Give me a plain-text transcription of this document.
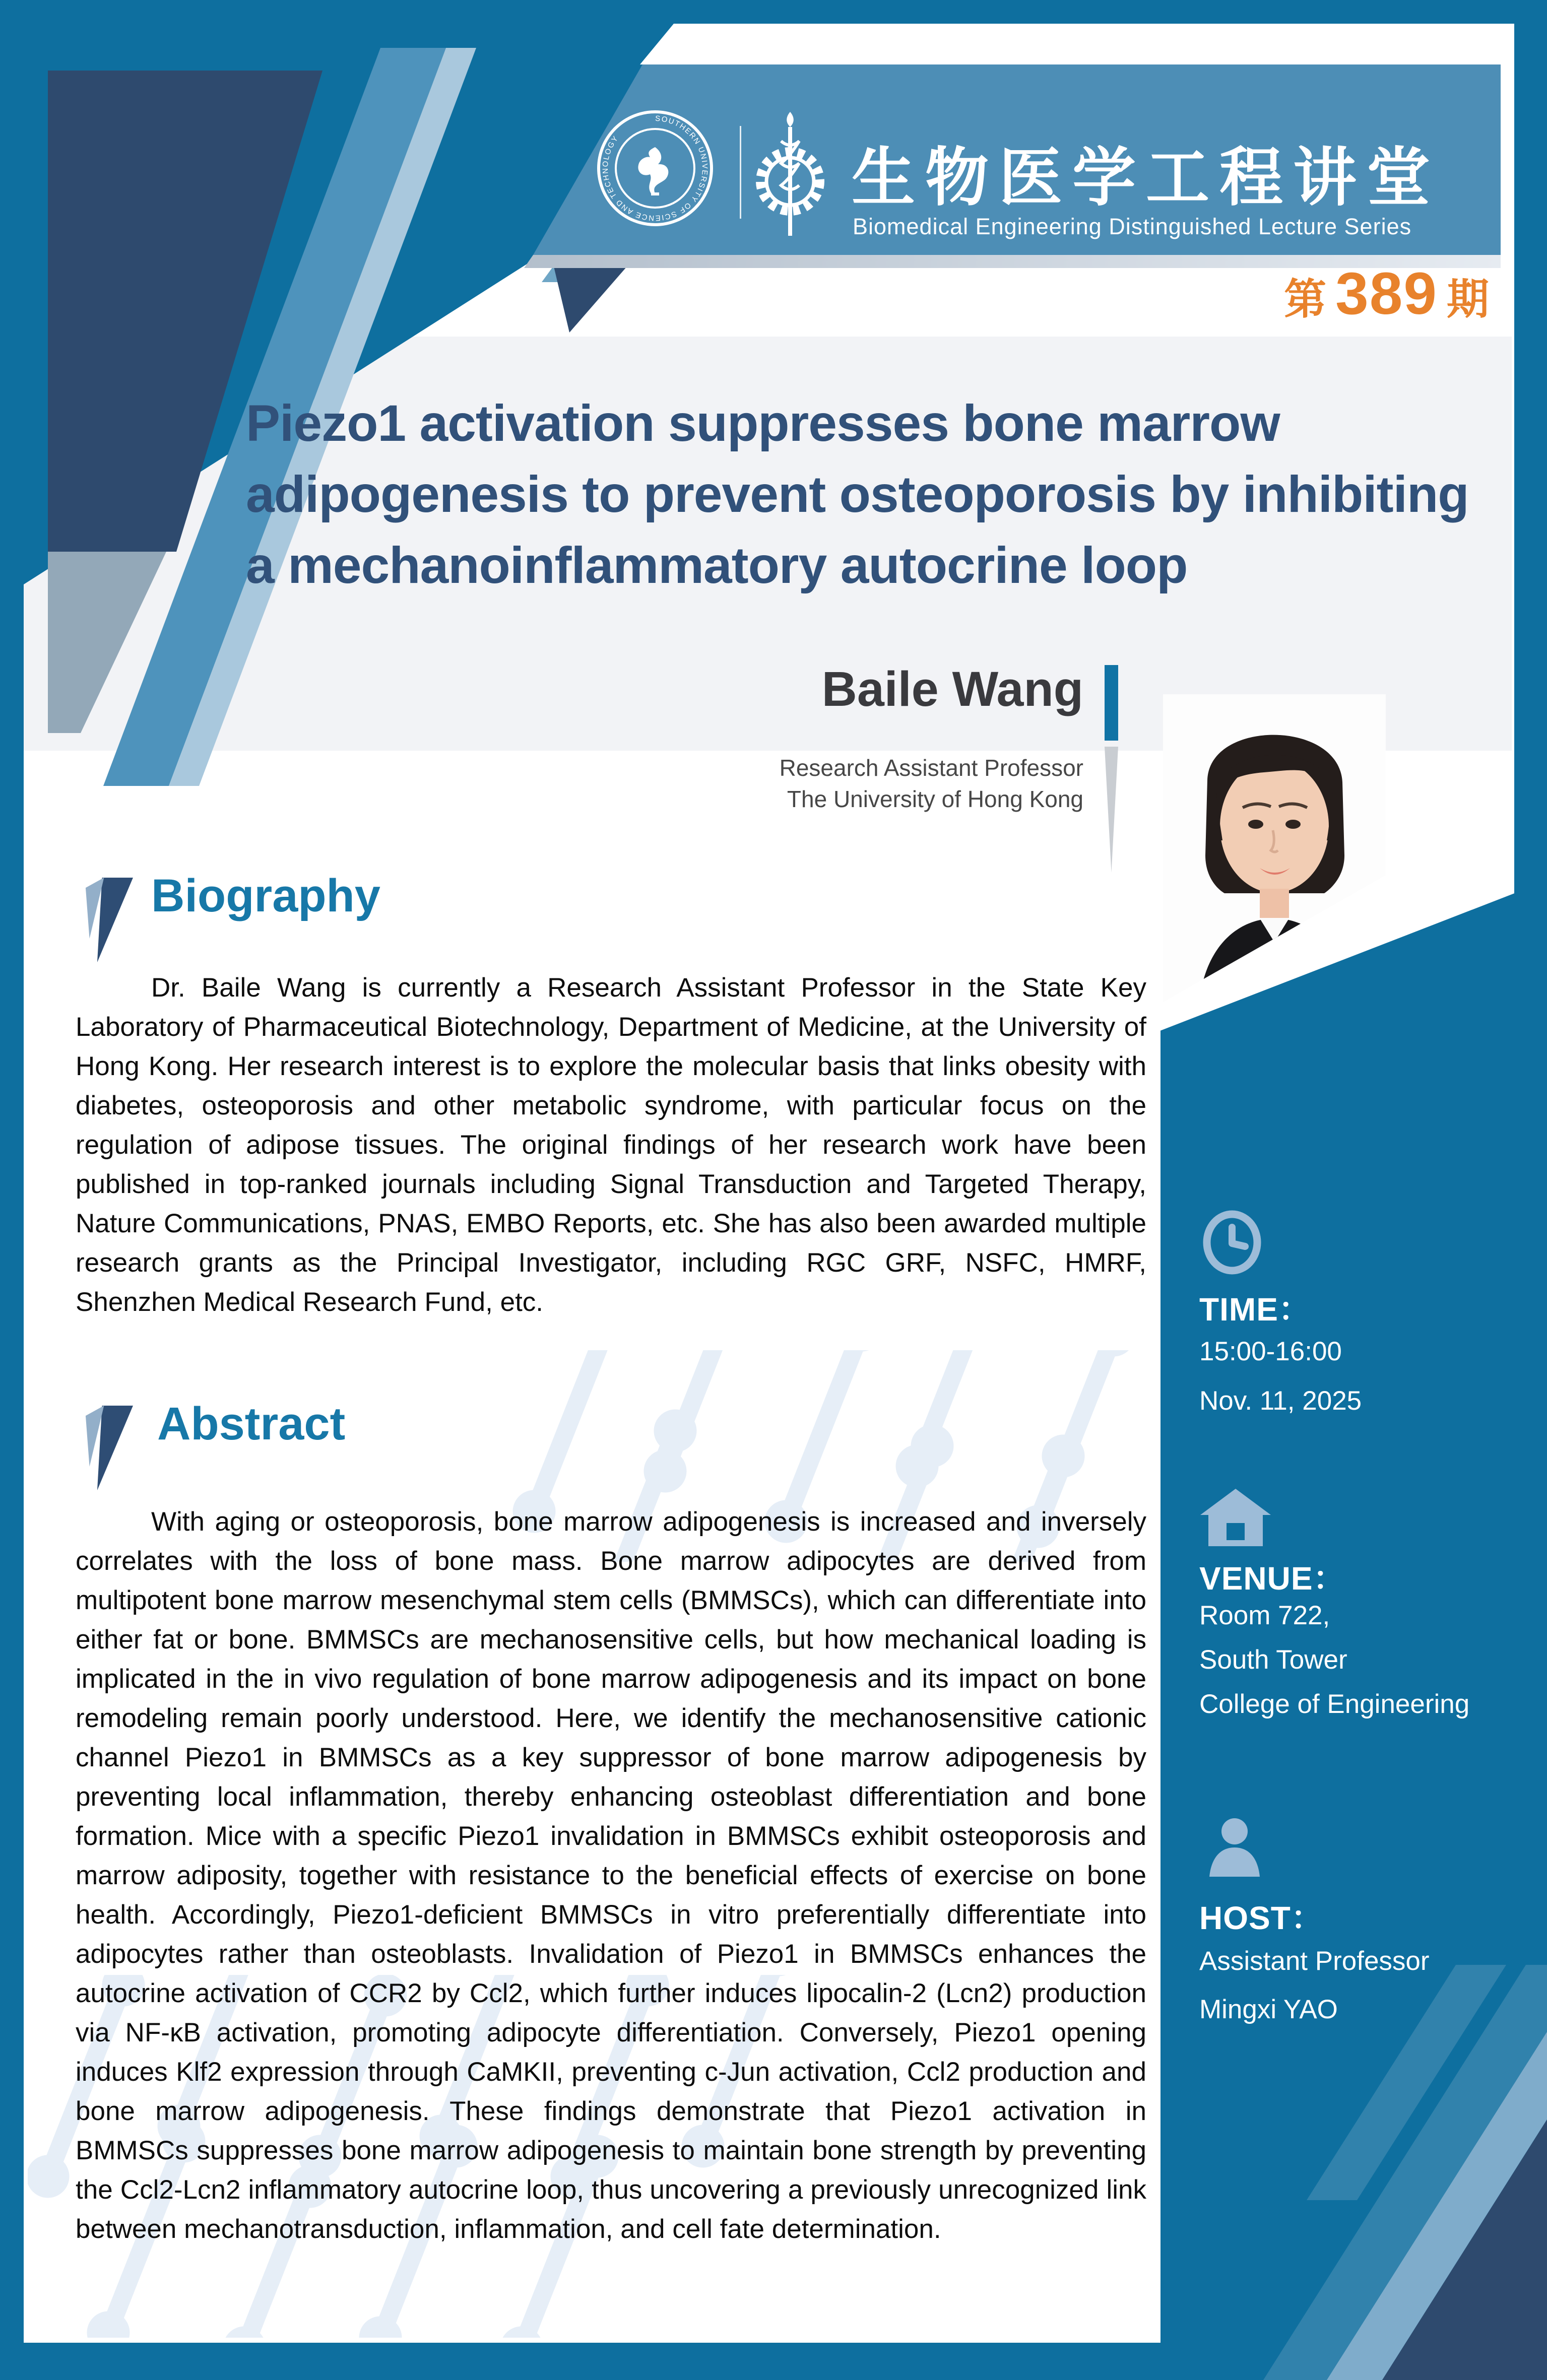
SOUTHERN UNIVERSITY OF SCIENCE AND TECHNOLOGY
生物医学工程讲堂
Biomedical Engineering Distinguished Lecture Series
第 389 期
Piezo1 activation suppresses bone marrow adipogenesis to prevent osteoporosis by inhibiting a mechanoinflammatory autocrine loop
Baile Wang
Research Assistant Professor
The University of Hong Kong
TIME：
15:00-16:00
Nov. 11, 2025
VENUE：
Room 722,
South Tower
College of Engineering
HOST：
Assistant Professor
Mingxi YAO
Biography
Dr. Baile Wang is currently a Research Assistant Professor in the State Key Laboratory of Pharmaceutical Biotechnology, Department of Medicine, at the University of Hong Kong. Her research interest is to explore the molecular basis that links obesity with diabetes, osteoporosis and other metabolic syndrome, with particular focus on the regulation of adipose tissues. The original findings of her research work have been published in top-ranked journals including Signal Transduction and Targeted Therapy, Nature Communications, PNAS, EMBO Reports, etc. She has also been awarded multiple research grants as the Principal Investigator, including RGC GRF, NSFC, HMRF, Shenzhen Medical Research Fund, etc.
Abstract
With aging or osteoporosis, bone marrow adipogenesis is increased and inversely correlates with the loss of bone mass. Bone marrow adipocytes are derived from multipotent bone marrow mesenchymal stem cells (BMMSCs), which can differentiate into either fat or bone. BMMSCs are mechanosensitive cells, but how mechanical loading is implicated in the in vivo regulation of bone marrow adipogenesis and its impact on bone remodeling remain poorly understood. Here, we identify the mechanosensitive cationic channel Piezo1 in BMMSCs as a key suppressor of bone marrow adipogenesis by preventing local inflammation, thereby enhancing osteoblast differentiation and bone formation. Mice with a specific Piezo1 invalidation in BMMSCs exhibit osteoporosis and marrow adiposity, together with resistance to the beneficial effects of exercise on bone health. Accordingly, Piezo1-deficient BMMSCs in vitro preferentially differentiate into adipocytes rather than osteoblasts. Invalidation of Piezo1 in BMMSCs enhances the autocrine activation of CCR2 by Ccl2, which further induces lipocalin-2 (Lcn2) production via NF-κB activation, promoting adipocyte differentiation. Conversely, Piezo1 opening induces Klf2 expression through CaMKII, preventing c-Jun activation, Ccl2 production and bone marrow adipogenesis. These findings demonstrate that Piezo1 activation in BMMSCs suppresses bone marrow adipogenesis to maintain bone strength by preventing the Ccl2-Lcn2 inflammatory autocrine loop, thus uncovering a previously unrecognized link between mechanotransduction, inflammation, and cell fate determination.
